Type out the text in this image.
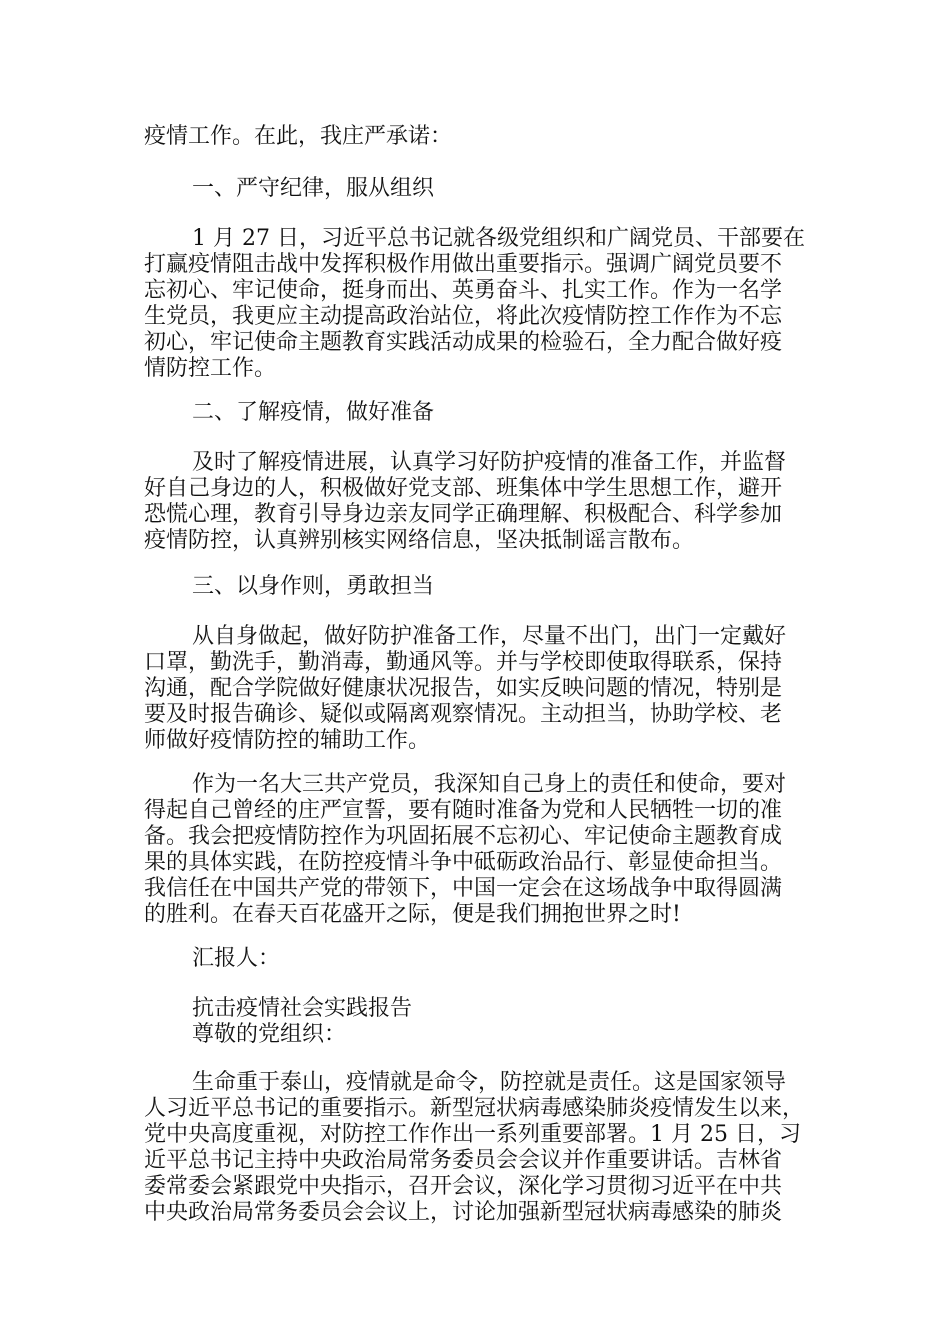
疫情工作。在此，我庄严承诺：
一、严守纪律，服从组织
1 月 27 日，习近平总书记就各级党组织和广阔党员、干部要在
打赢疫情阻击战中发挥积极作用做出重要指示。强调广阔党员要不
忘初心、牢记使命，挺身而出、英勇奋斗、扎实工作。作为一名学
生党员，我更应主动提高政治站位，将此次疫情防控工作作为不忘
初心，牢记使命主题教育实践活动成果的检验石，全力配合做好疫
情防控工作。
二、了解疫情，做好准备
及时了解疫情进展，认真学习好防护疫情的准备工作，并监督
好自己身边的人，积极做好党支部、班集体中学生思想工作，避开
恐慌心理，教育引导身边亲友同学正确理解、积极配合、科学参加
疫情防控，认真辨别核实网络信息，坚决抵制谣言散布。
三、以身作则，勇敢担当
从自身做起，做好防护准备工作，尽量不出门，出门一定戴好
口罩，勤洗手，勤消毒，勤通风等。并与学校即使取得联系，保持
沟通，配合学院做好健康状况报告，如实反映问题的情况，特别是
要及时报告确诊、疑似或隔离观察情况。主动担当，协助学校、老
师做好疫情防控的辅助工作。
作为一名大三共产党员，我深知自己身上的责任和使命，要对
得起自己曾经的庄严宣誓，要有随时准备为党和人民牺牲一切的准
备。我会把疫情防控作为巩固拓展不忘初心、牢记使命主题教育成
果的具体实践，在防控疫情斗争中砥砺政治品行、彰显使命担当。
我信任在中国共产党的带领下，中国一定会在这场战争中取得圆满
的胜利。在春天百花盛开之际，便是我们拥抱世界之时!
汇报人：
抗击疫情社会实践报告
尊敬的党组织：
生命重于泰山，疫情就是命令，防控就是责任。这是国家领导
人习近平总书记的重要指示。新型冠状病毒感染肺炎疫情发生以来，
党中央高度重视，对防控工作作出一系列重要部署。1 月 25 日，习
近平总书记主持中央政治局常务委员会会议并作重要讲话。吉林省
委常委会紧跟党中央指示，召开会议，深化学习贯彻习近平在中共
中央政治局常务委员会会议上，讨论加强新型冠状病毒感染的肺炎
